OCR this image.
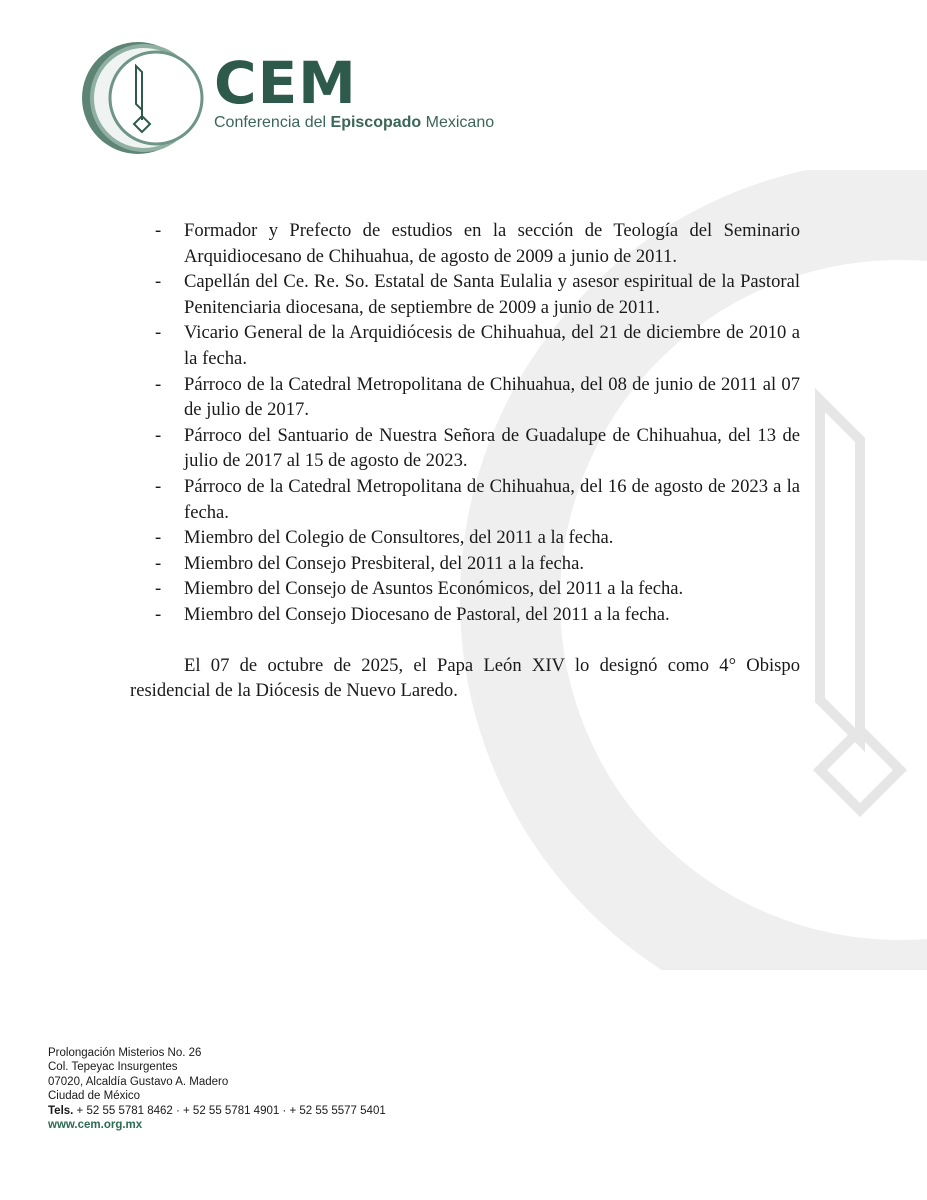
CEM
Conferencia del Episcopado Mexicano
- Formador y Prefecto de estudios en la sección de Teología del Seminario Arquidiocesano de Chihuahua, de agosto de 2009 a junio de 2011.
- Capellán del Ce. Re. So. Estatal de Santa Eulalia y asesor espiritual de la Pastoral Penitenciaria diocesana, de septiembre de 2009 a junio de 2011.
- Vicario General de la Arquidiócesis de Chihuahua, del 21 de diciembre de 2010 a la fecha.
- Párroco de la Catedral Metropolitana de Chihuahua, del 08 de junio de 2011 al 07 de julio de 2017.
- Párroco del Santuario de Nuestra Señora de Guadalupe de Chihuahua, del 13 de julio de 2017 al 15 de agosto de 2023.
- Párroco de la Catedral Metropolitana de Chihuahua, del 16 de agosto de 2023 a la fecha.
- Miembro del Colegio de Consultores, del 2011 a la fecha.
- Miembro del Consejo Presbiteral, del 2011 a la fecha.
- Miembro del Consejo de Asuntos Económicos, del 2011 a la fecha.
- Miembro del Consejo Diocesano de Pastoral, del 2011 a la fecha.

El 07 de octubre de 2025, el Papa León XIV lo designó como 4° Obispo residencial de la Diócesis de Nuevo Laredo.

Prolongación Misterios No. 26
Col. Tepeyac Insurgentes
07020, Alcaldía Gustavo A. Madero
Ciudad de México
Tels. + 52 55 5781 8462 · + 52 55 5781 4901 · + 52 55 5577 5401
www.cem.org.mx
